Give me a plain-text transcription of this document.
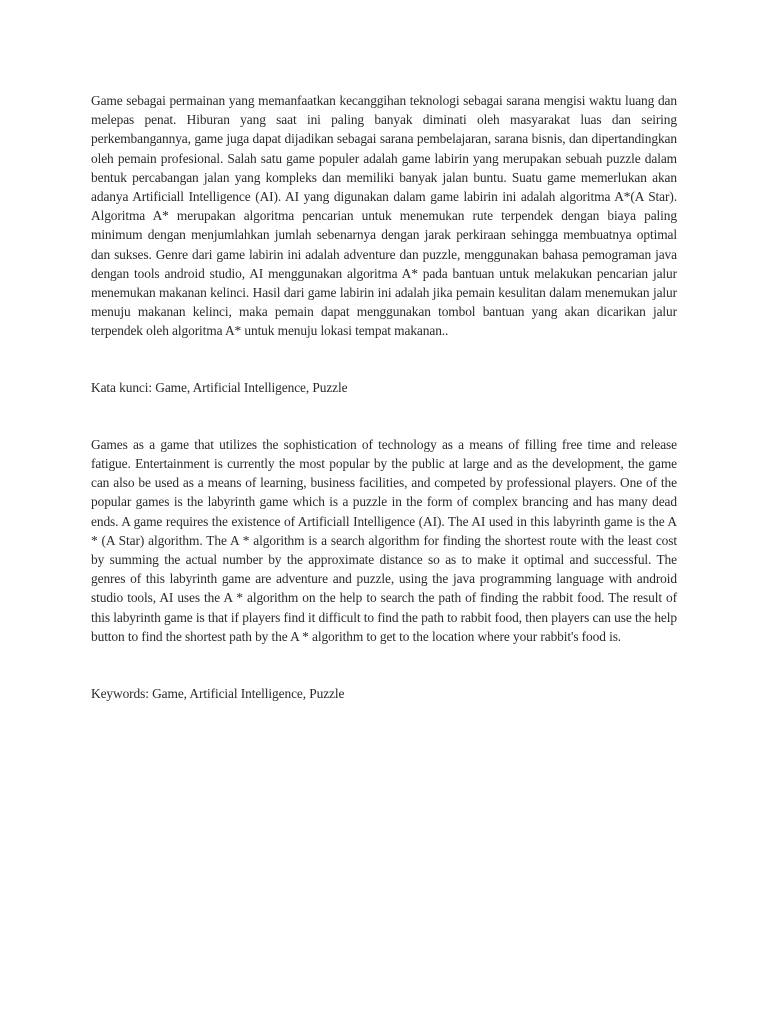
Game sebagai permainan yang memanfaatkan kecanggihan teknologi sebagai sarana mengisi waktu luang dan melepas penat. Hiburan yang saat ini paling banyak diminati oleh masyarakat luas dan seiring perkembangannya, game juga dapat dijadikan sebagai sarana pembelajaran, sarana bisnis, dan dipertandingkan oleh pemain profesional. Salah satu game populer adalah game labirin yang merupakan sebuah puzzle dalam bentuk percabangan jalan yang kompleks dan memiliki banyak jalan buntu. Suatu game memerlukan akan adanya Artificiall Intelligence (AI). AI yang digunakan dalam game labirin ini adalah algoritma A*(A Star). Algoritma A* merupakan algoritma pencarian untuk menemukan rute terpendek dengan biaya paling minimum dengan menjumlahkan jumlah sebenarnya dengan jarak perkiraan sehingga membuatnya optimal dan sukses. Genre dari game labirin ini adalah adventure dan puzzle, menggunakan bahasa pemograman java dengan tools android studio, AI menggunakan algoritma A* pada bantuan untuk melakukan pencarian jalur menemukan makanan kelinci. Hasil dari game labirin ini adalah jika pemain kesulitan dalam menemukan jalur menuju makanan kelinci, maka pemain dapat menggunakan tombol bantuan yang akan dicarikan jalur terpendek oleh algoritma A* untuk menuju lokasi tempat makanan..

Kata kunci: Game, Artificial Intelligence, Puzzle

Games as a game that utilizes the sophistication of technology as a means of filling free time and release fatigue. Entertainment is currently the most popular by the public at large and as the development, the game can also be used as a means of learning, business facilities, and competed by professional players. One of the popular games is the labyrinth game which is a puzzle in the form of complex brancing and has many dead ends. A game requires the existence of Artificiall Intelligence (AI). The AI used in this labyrinth game is the A * (A Star) algorithm. The A * algorithm is a search algorithm for finding the shortest route with the least cost by summing the actual number by the approximate distance so as to make it optimal and successful. The genres of this labyrinth game are adventure and puzzle, using the java programming language with android studio tools, AI uses the A * algorithm on the help to search the path of finding the rabbit food. The result of this labyrinth game is that if players find it difficult to find the path to rabbit food, then players can use the help button to find the shortest path by the A * algorithm to get to the location where your rabbit's food is.

Keywords: Game, Artificial Intelligence, Puzzle
